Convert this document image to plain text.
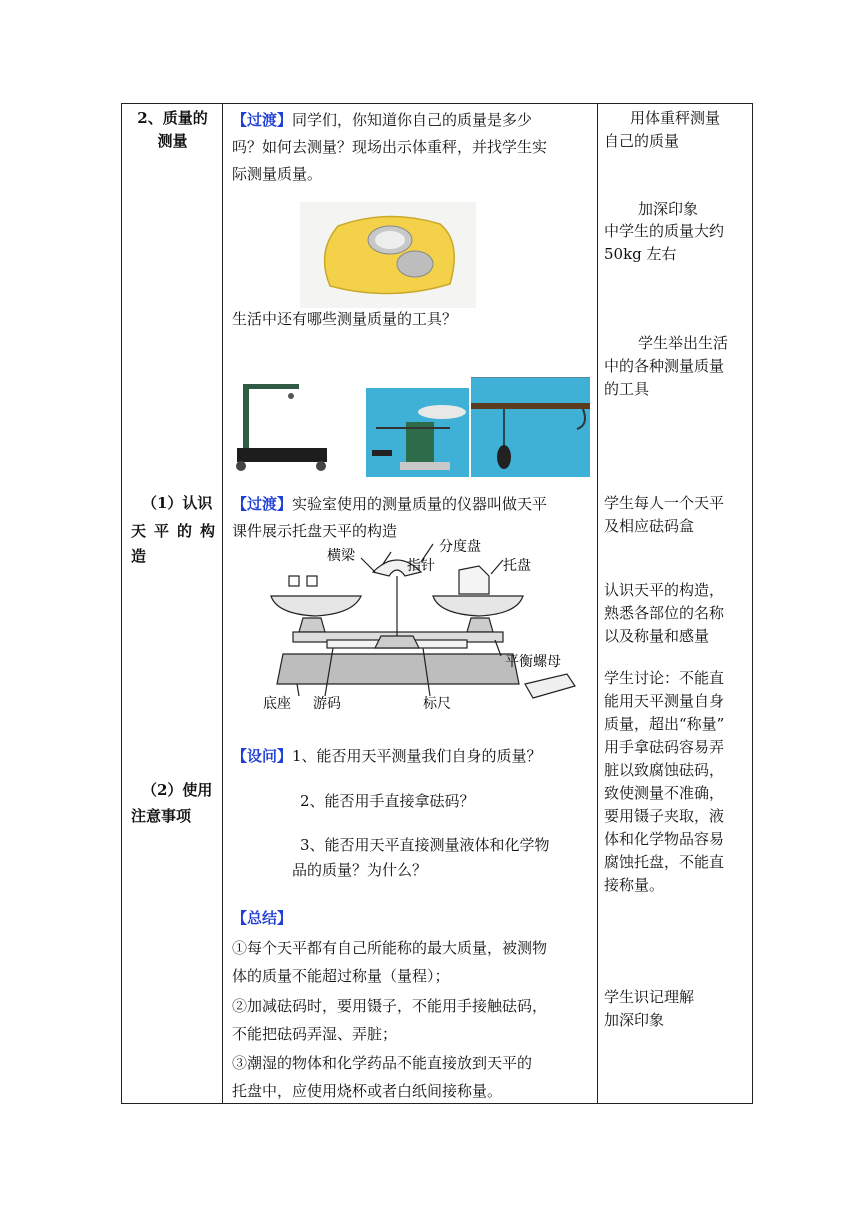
2、质量的
测量
（1）认识
天 平 的 构
造
（2）使用
注意事项
【过渡】同学们，你知道你自己的质量是多少
吗？如何去测量？现场出示体重秤，并找学生实
际测量质量。
生活中还有哪些测量质量的工具？
【过渡】实验室使用的测量质量的仪器叫做天平
课件展示托盘天平的构造
分度盘
横梁
指针	托盘
平衡螺母
底座 游码	标尺
【设问】1、能否用天平测量我们自身的质量？
2、能否用手直接拿砝码？
3、能否用天平直接测量液体和化学物
品的质量？为什么？
【总结】
①每个天平都有自己所能称的最大质量，被测物
体的质量不能超过称量（量程）；
②加减砝码时，要用镊子，不能用手接触砝码，
不能把砝码弄湿、弄脏；
③潮湿的物体和化学药品不能直接放到天平的
托盘中，应使用烧杯或者白纸间接称量。
用体重秤测量
自己的质量
加深印象
中学生的质量大约
50kg 左右
学生举出生活
中的各种测量质量
的工具
学生每人一个天平
及相应砝码盒
认识天平的构造，
熟悉各部位的名称
以及称量和感量
学生讨论：不能直
能用天平测量自身
质量，超出“称量”
用手拿砝码容易弄
脏以致腐蚀砝码，
致使测量不准确，
要用镊子夹取，液
体和化学物品容易
腐蚀托盘，不能直
接称量。
学生识记理解
加深印象
